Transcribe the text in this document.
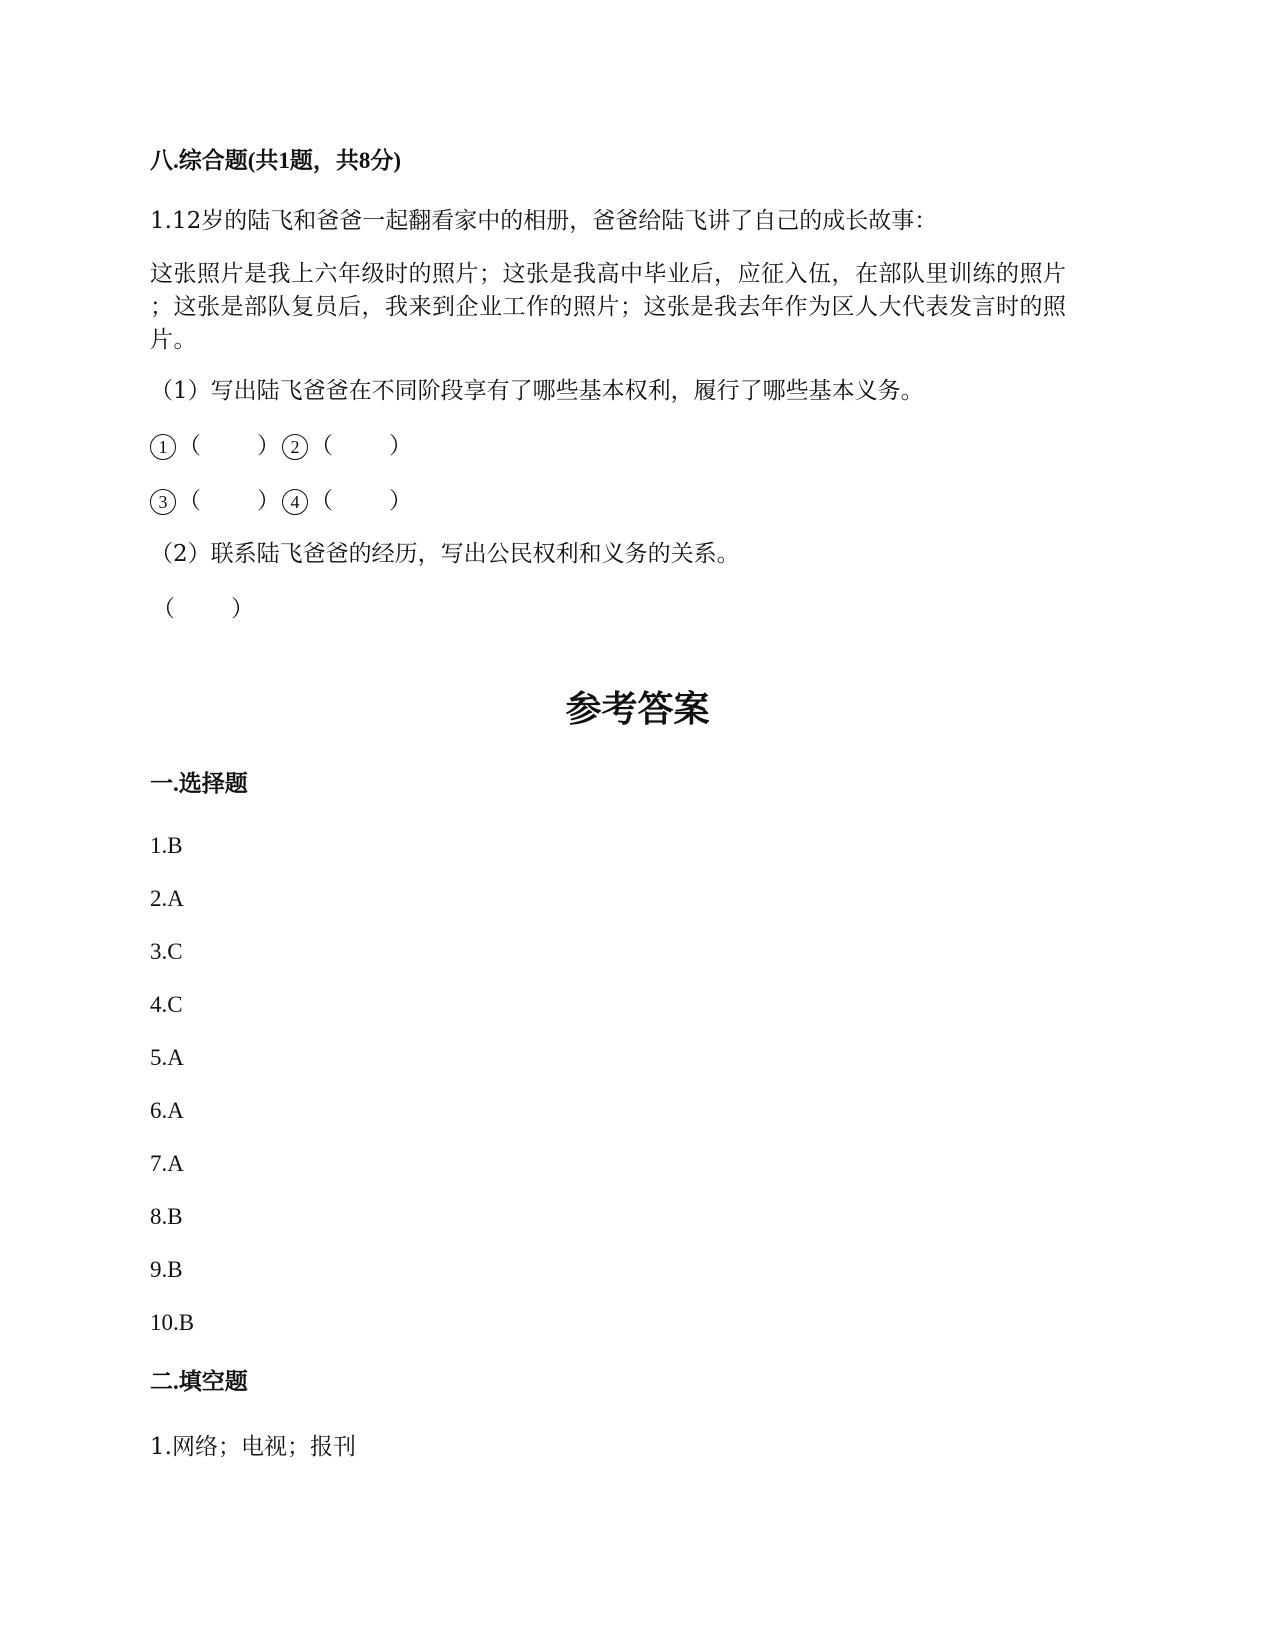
八.综合题(共1题，共8分)
1.12岁的陆飞和爸爸一起翻看家中的相册，爸爸给陆飞讲了自己的成长故事：
这张照片是我上六年级时的照片；这张是我高中毕业后，应征入伍，在部队里训练的照片
；这张是部队复员后，我来到企业工作的照片；这张是我去年作为区人大代表发言时的照
片。
（1）写出陆飞爸爸在不同阶段享有了哪些基本权利，履行了哪些基本义务。
1 （ ） 2 （ ）
3 （ ） 4 （ ）
（2）联系陆飞爸爸的经历，写出公民权利和义务的关系。
（ ）
参考答案
一.选择题
1.B
2.A
3.C
4.C
5.A
6.A
7.A
8.B
9.B
10.B
二.填空题
1.网络；电视；报刊
